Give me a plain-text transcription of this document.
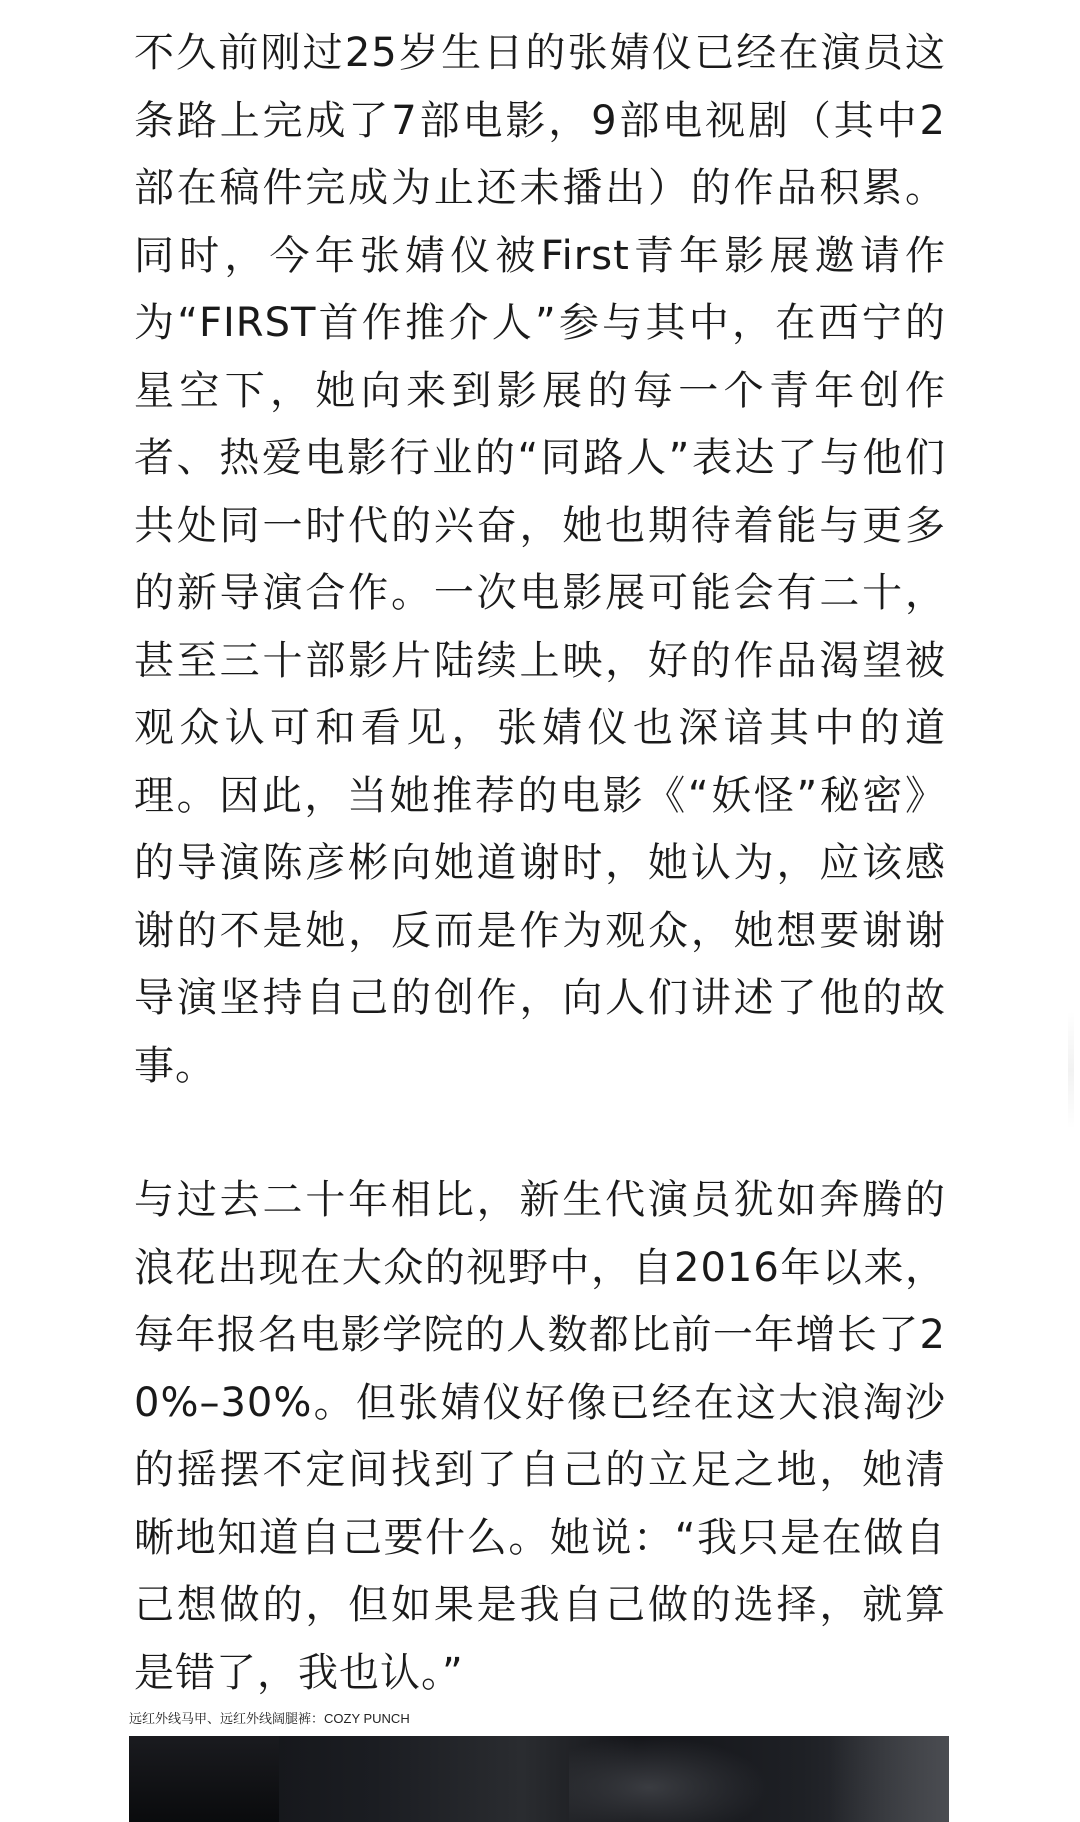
不久前刚过25岁生日的张婧仪已经在演员这条路上完成了7部电影，9部电视剧（其中2部在稿件完成为止还未播出）的作品积累。同时，今年张婧仪被First青年影展邀请作为“FIRST首作推介人”参与其中，在西宁的星空下，她向来到影展的每一个青年创作者、热爱电影行业的“同路人”表达了与他们共处同一时代的兴奋，她也期待着能与更多的新导演合作。一次电影展可能会有二十，甚至三十部影片陆续上映，好的作品渴望被观众认可和看见，张婧仪也深谙其中的道理。因此，当她推荐的电影《“妖怪”秘密》的导演陈彦彬向她道谢时，她认为，应该感谢的不是她，反而是作为观众，她想要谢谢导演坚持自己的创作，向人们讲述了他的故事。

与过去二十年相比，新生代演员犹如奔腾的浪花出现在大众的视野中，自2016年以来，每年报名电影学院的人数都比前一年增长了20%–30%。但张婧仪好像已经在这大浪淘沙的摇摆不定间找到了自己的立足之地，她清晰地知道自己要什么。她说：“我只是在做自己想做的，但如果是我自己做的选择，就算是错了，我也认。”

远红外线马甲、远红外线阔腿裤：COZY PUNCH
